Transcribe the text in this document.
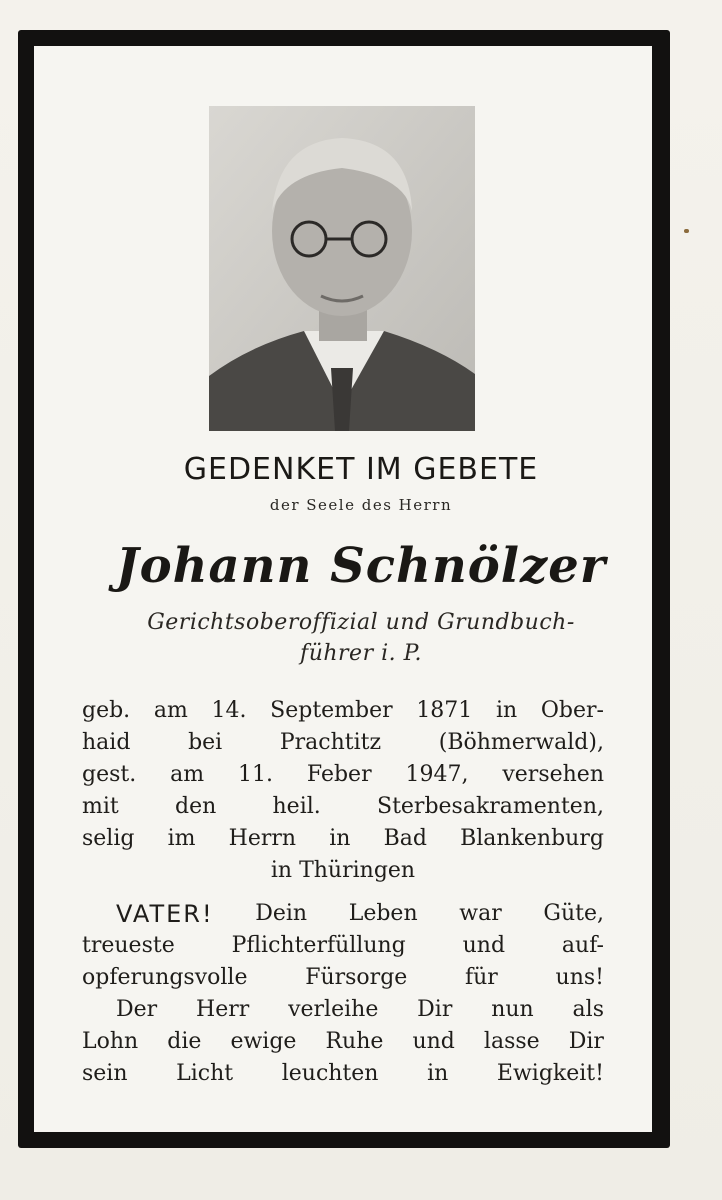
GEDENKET IM GEBETE
der Seele des Herrn
Johann Schnölzer
Gerichtsoberoffizial und Grundbuch-
führer i. P.
geb. am 14. September 1871 in Ober-
haid	bei	Prachtitz	(Böhmerwald),
gest. am 11. Feber 1947, versehen
mit	den	heil.	Sterbesakramenten,
selig im Herrn in Bad Blankenburg
in Thüringen
VATER! Dein Leben war Güte,
treueste	Pflichterfüllung	und	auf-
opferungsvolle	Fürsorge	für	uns!
Der Herr verleihe Dir nun als
Lohn die ewige Ruhe und lasse Dir
sein Licht leuchten in Ewigkeit!
